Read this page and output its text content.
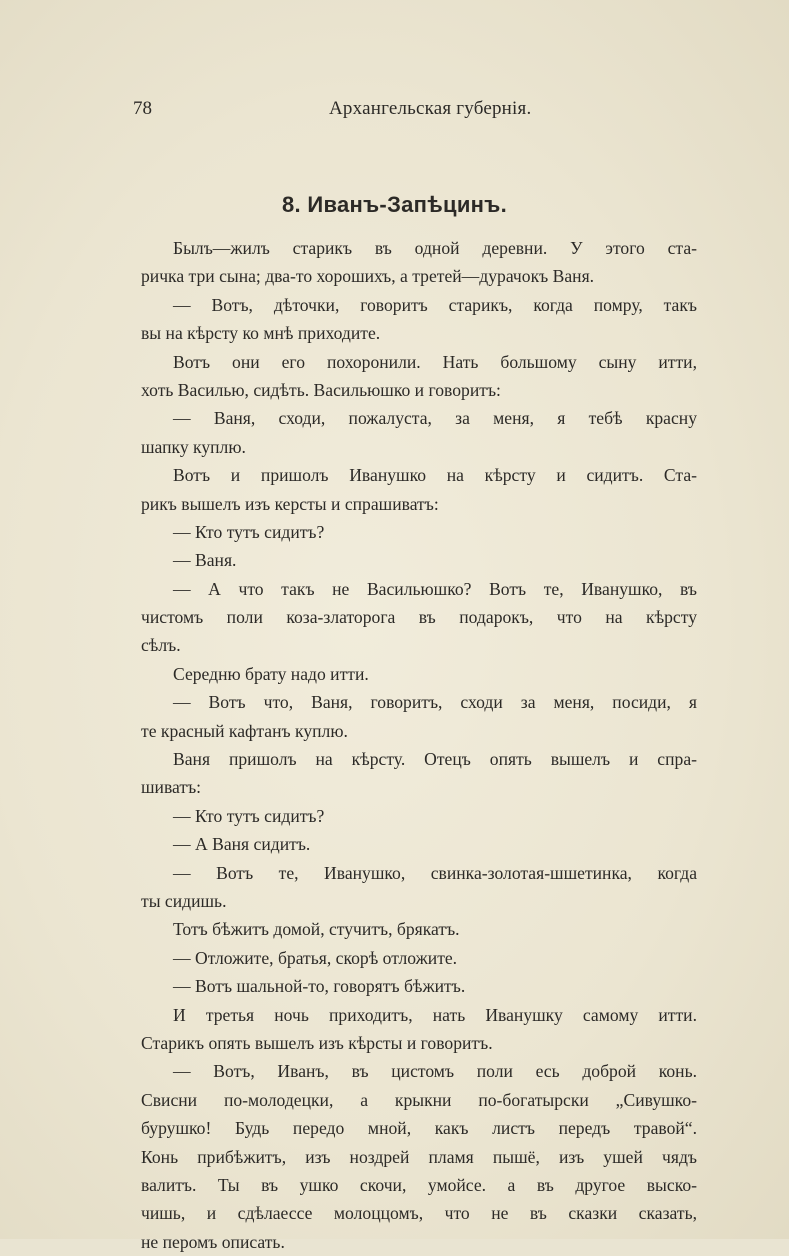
78	Архангельская губернія.
8. Иванъ-Запѣцинъ.
Былъ—жилъ старикъ въ одной деревни. У этого ста-
ричка три сына; два-то хорошихъ, а третей—дурачокъ Ваня.
— Вотъ, дѣточки, говоритъ старикъ, когда помру, такъ
вы на кѣрсту ко мнѣ приходите.
Вотъ они его похоронили. Нать большому сыну итти,
хоть Василью, сидѣть. Васильюшко и говоритъ:
— Ваня, сходи, пожалуста, за меня, я тебѣ красну
шапку куплю.
Вотъ и пришолъ Иванушко на кѣрсту и сидитъ. Ста-
рикъ вышелъ изъ керсты и спрашиватъ:
— Кто тутъ сидитъ?
— Ваня.
— А что такъ не Васильюшко? Вотъ те, Иванушко, въ
чистомъ поли коза-златорога въ подарокъ, что на кѣрсту
сѣлъ.
Середню брату надо итти.
— Вотъ что, Ваня, говоритъ, сходи за меня, посиди, я
те красный кафтанъ куплю.
Ваня пришолъ на кѣрсту. Отецъ опять вышелъ и спра-
шиватъ:
— Кто тутъ сидитъ?
— А Ваня сидитъ.
— Вотъ те, Иванушко, свинка-золотая-шшетинка, когда
ты сидишь.
Тотъ бѣжитъ домой, стучитъ, брякатъ.
— Отложите, братья, скорѣ отложите.
— Вотъ шальной-то, говорятъ бѣжитъ.
И третья ночь приходитъ, нать Иванушку самому итти.
Старикъ опять вышелъ изъ кѣрсты и говоритъ.
— Вотъ, Иванъ, въ цистомъ поли есь доброй конь.
Свисни по-молодецки, а крыкни по-богатырски „Сивушко-
бурушко! Будь передо мной, какъ листъ передъ травой“.
Конь прибѣжитъ, изъ ноздрей пламя пышё, изъ ушей чядъ
валитъ. Ты въ ушко скочи, умойсе. а въ другое выско-
чишь, и сдѣлаессе молоццомъ, что не въ сказки сказать,
не перомъ описать.
